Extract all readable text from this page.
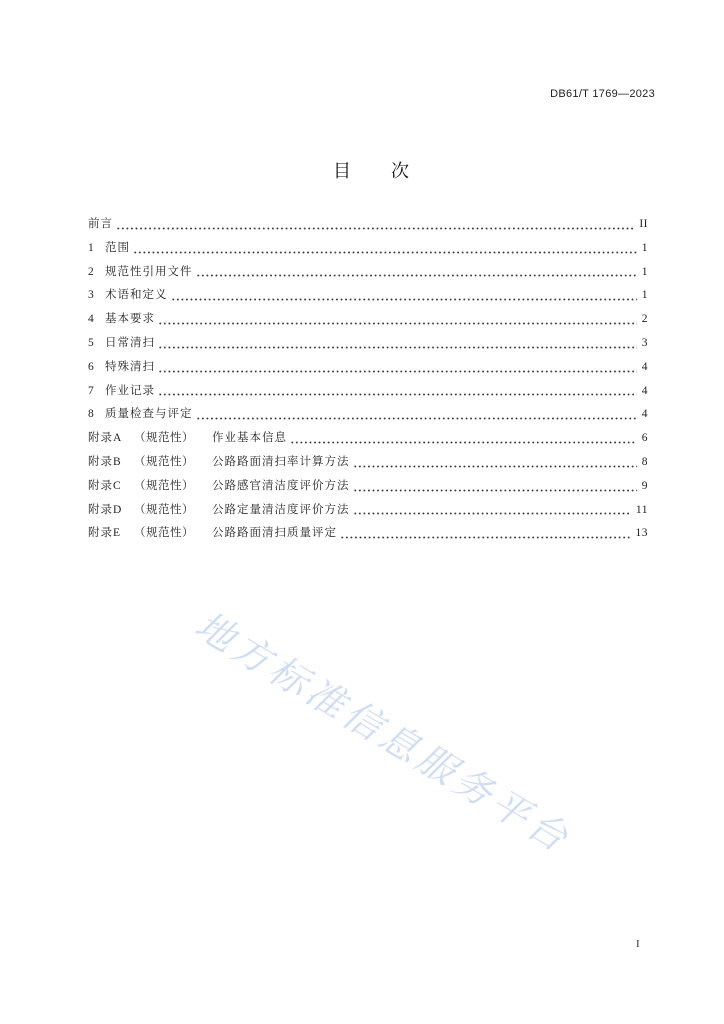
DB61/T 1769—2023
目　次
前言	II
1 范围	1
2 规范性引用文件	1
3 术语和定义	1
4 基本要求	2
5 日常清扫	3
6 特殊清扫	4
7 作业记录	4
8 质量检查与评定	4
附录A	（规范性）	作业基本信息	6
附录B	（规范性）	公路路面清扫率计算方法	8
附录C	（规范性）	公路感官清洁度评价方法	9
附录D	（规范性）	公路定量清洁度评价方法	11
附录E	（规范性）	公路路面清扫质量评定	13
地方标准信息服务平台
I
